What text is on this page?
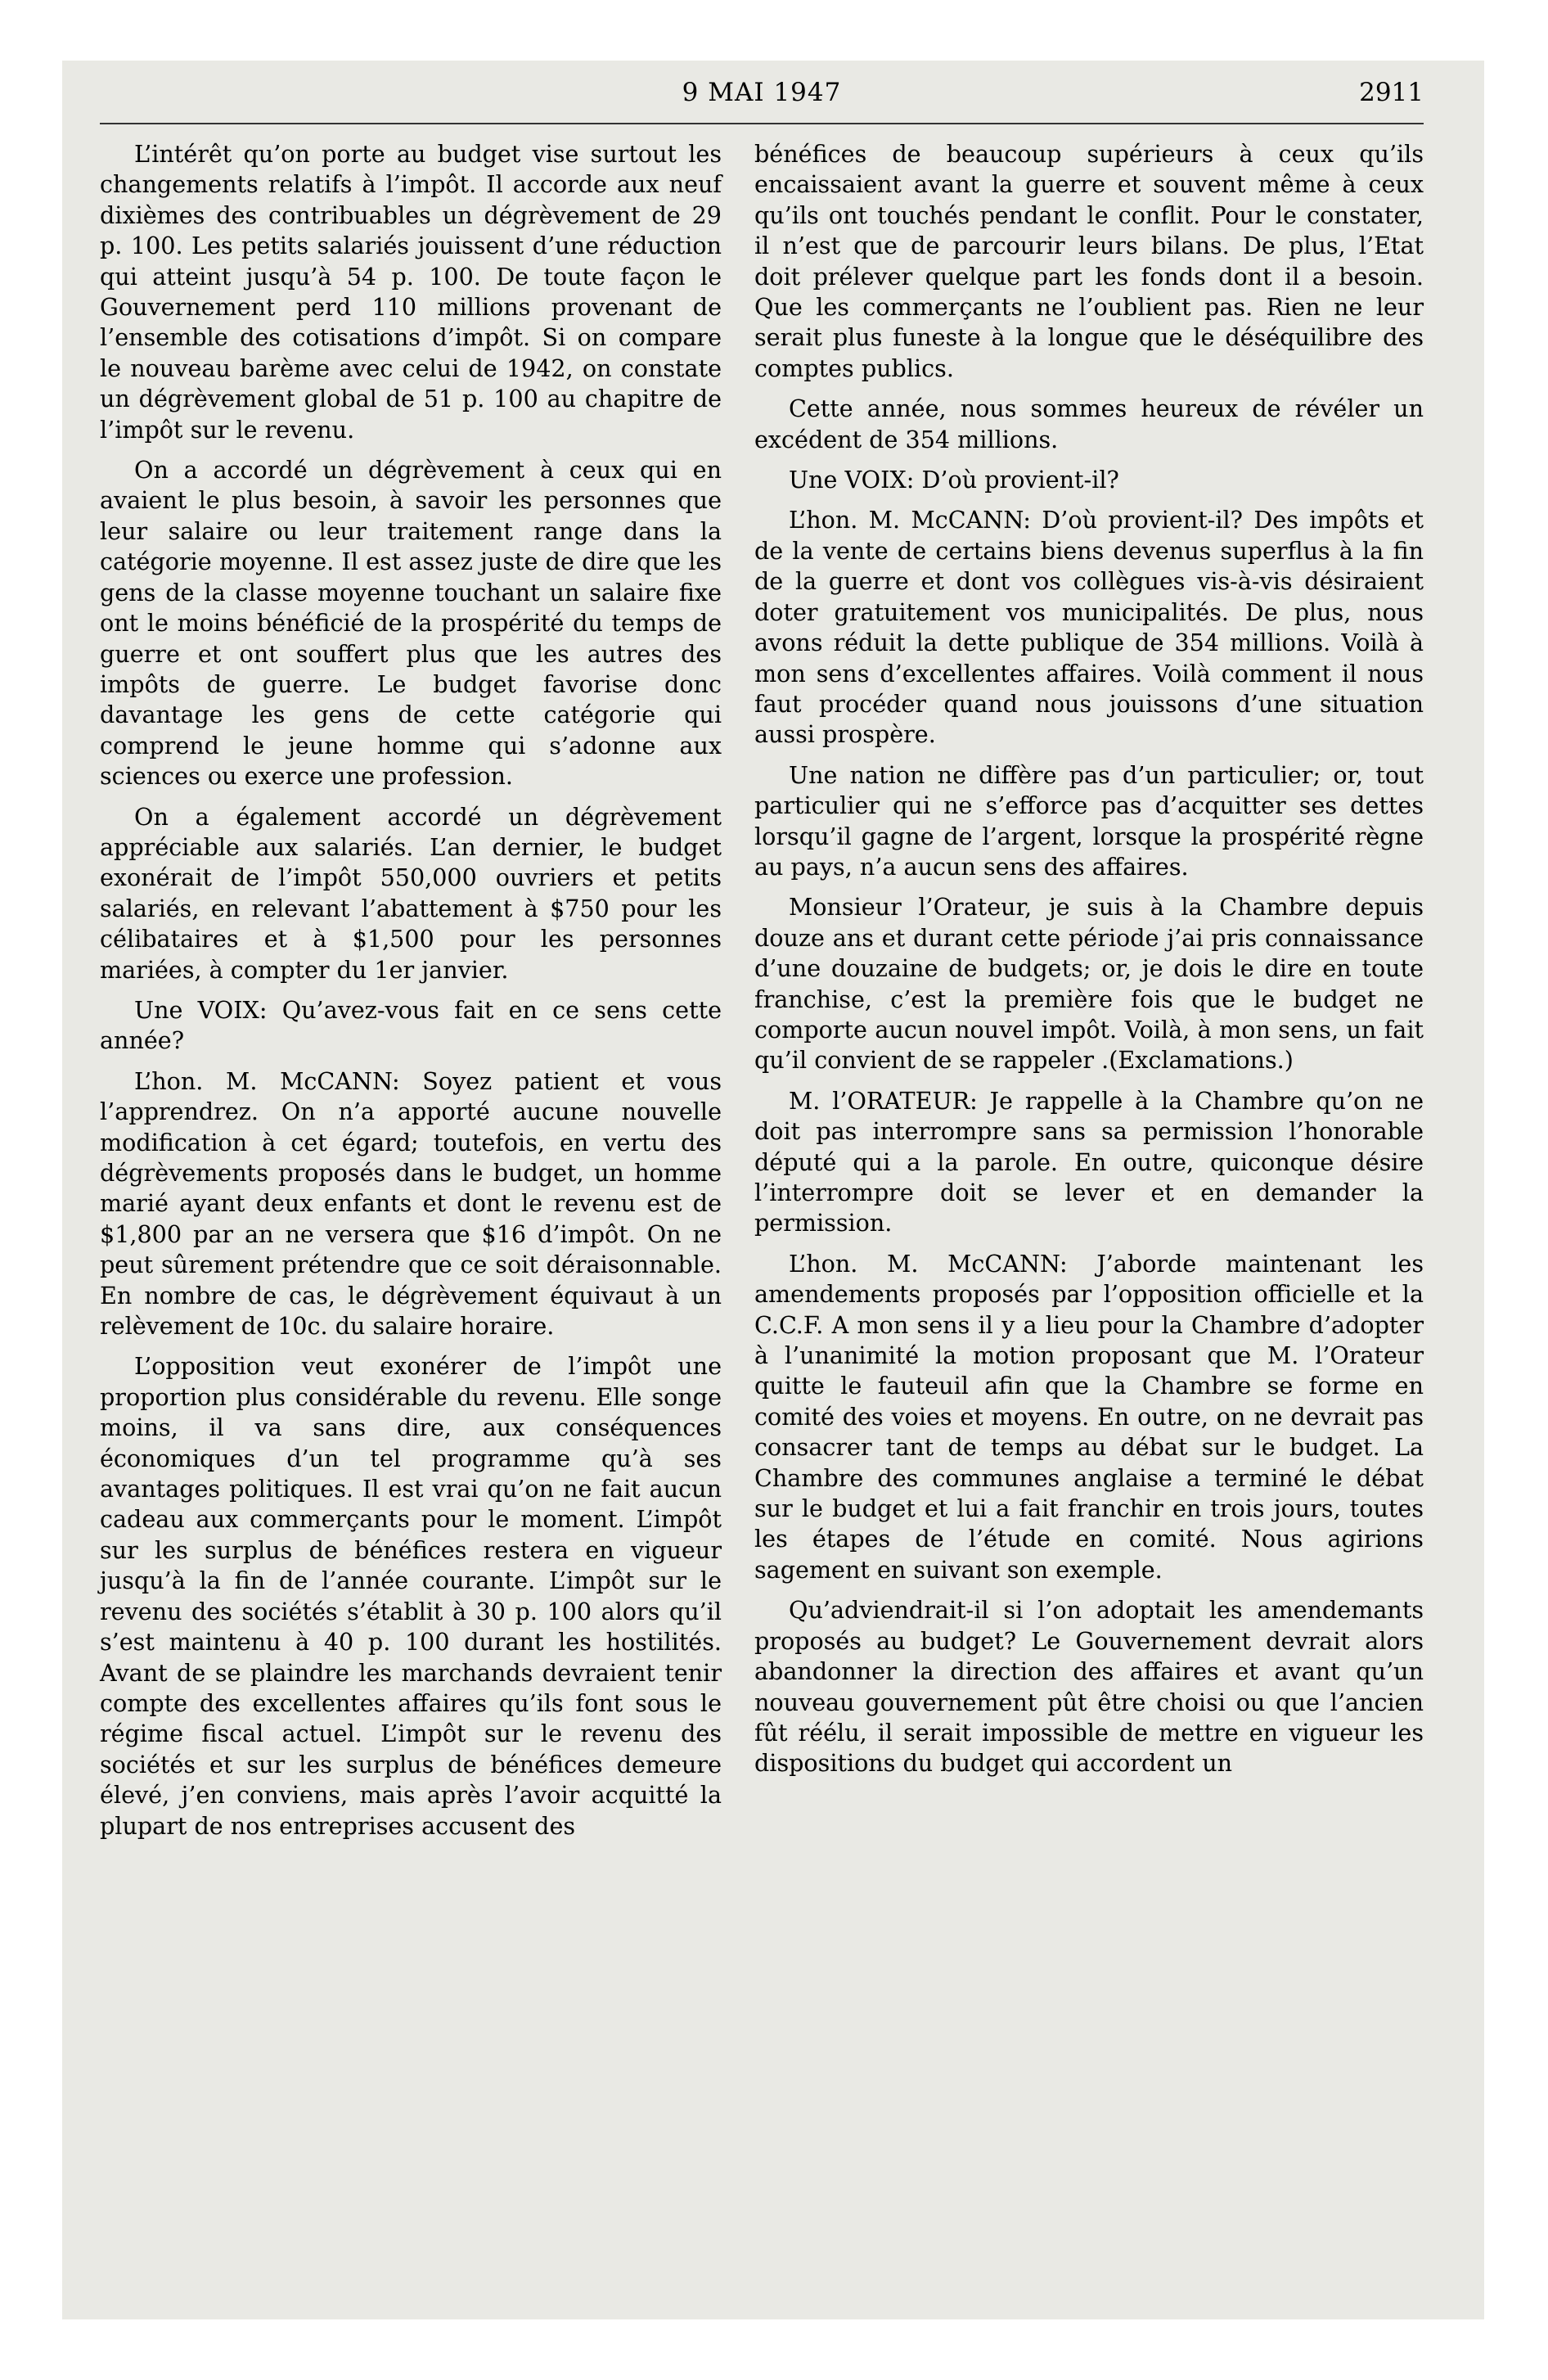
9 MAI 1947	2911

L’intérêt qu’on porte au budget vise surtout les changements relatifs à l’impôt. Il accorde aux neuf dixièmes des contribuables un dégrèvement de 29 p. 100. Les petits salariés jouissent d’une réduction qui atteint jusqu’à 54 p. 100. De toute façon le Gouvernement perd 110 millions provenant de l’ensemble des cotisations d’impôt. Si on compare le nouveau barème avec celui de 1942, on constate un dégrèvement global de 51 p. 100 au chapitre de l’impôt sur le revenu.

On a accordé un dégrèvement à ceux qui en avaient le plus besoin, à savoir les personnes que leur salaire ou leur traitement range dans la catégorie moyenne. Il est assez juste de dire que les gens de la classe moyenne touchant un salaire fixe ont le moins bénéficié de la prospérité du temps de guerre et ont souffert plus que les autres des impôts de guerre. Le budget favorise donc davantage les gens de cette catégorie qui comprend le jeune homme qui s’adonne aux sciences ou exerce une profession.

On a également accordé un dégrèvement appréciable aux salariés. L’an dernier, le budget exonérait de l’impôt 550,000 ouvriers et petits salariés, en relevant l’abattement à $750 pour les célibataires et à $1,500 pour les personnes mariées, à compter du 1er janvier.

Une VOIX: Qu’avez-vous fait en ce sens cette année?

L’hon. M. McCANN: Soyez patient et vous l’apprendrez. On n’a apporté aucune nouvelle modification à cet égard; toutefois, en vertu des dégrèvements proposés dans le budget, un homme marié ayant deux enfants et dont le revenu est de $1,800 par an ne versera que $16 d’impôt. On ne peut sûrement prétendre que ce soit déraisonnable. En nombre de cas, le dégrèvement équivaut à un relèvement de 10c. du salaire horaire.

L’opposition veut exonérer de l’impôt une proportion plus considérable du revenu. Elle songe moins, il va sans dire, aux conséquences économiques d’un tel programme qu’à ses avantages politiques. Il est vrai qu’on ne fait aucun cadeau aux commerçants pour le moment. L’impôt sur les surplus de bénéfices restera en vigueur jusqu’à la fin de l’année courante. L’impôt sur le revenu des sociétés s’établit à 30 p. 100 alors qu’il s’est maintenu à 40 p. 100 durant les hostilités. Avant de se plaindre les marchands devraient tenir compte des excellentes affaires qu’ils font sous le régime fiscal actuel. L’impôt sur le revenu des sociétés et sur les surplus de bénéfices demeure élevé, j’en conviens, mais après l’avoir acquitté la plupart de nos entreprises accusent des

bénéfices de beaucoup supérieurs à ceux qu’ils encaissaient avant la guerre et souvent même à ceux qu’ils ont touchés pendant le conflit. Pour le constater, il n’est que de parcourir leurs bilans. De plus, l’Etat doit prélever quelque part les fonds dont il a besoin. Que les commerçants ne l’oublient pas. Rien ne leur serait plus funeste à la longue que le déséquilibre des comptes publics.

Cette année, nous sommes heureux de révéler un excédent de 354 millions.

Une VOIX: D’où provient-il?

L’hon. M. McCANN: D’où provient-il? Des impôts et de la vente de certains biens devenus superflus à la fin de la guerre et dont vos collègues vis-à-vis désiraient doter gratuitement vos municipalités. De plus, nous avons réduit la dette publique de 354 millions. Voilà à mon sens d’excellentes affaires. Voilà comment il nous faut procéder quand nous jouissons d’une situation aussi prospère.

Une nation ne diffère pas d’un particulier; or, tout particulier qui ne s’efforce pas d’acquitter ses dettes lorsqu’il gagne de l’argent, lorsque la prospérité règne au pays, n’a aucun sens des affaires.

Monsieur l’Orateur, je suis à la Chambre depuis douze ans et durant cette période j’ai pris connaissance d’une douzaine de budgets; or, je dois le dire en toute franchise, c’est la première fois que le budget ne comporte aucun nouvel impôt. Voilà, à mon sens, un fait qu’il convient de se rappeler .(Exclamations.)

M. l’ORATEUR: Je rappelle à la Chambre qu’on ne doit pas interrompre sans sa permission l’honorable député qui a la parole. En outre, quiconque désire l’interrompre doit se lever et en demander la permission.

L’hon. M. McCANN: J’aborde maintenant les amendements proposés par l’opposition officielle et la C.C.F. A mon sens il y a lieu pour la Chambre d’adopter à l’unanimité la motion proposant que M. l’Orateur quitte le fauteuil afin que la Chambre se forme en comité des voies et moyens. En outre, on ne devrait pas consacrer tant de temps au débat sur le budget. La Chambre des communes anglaise a terminé le débat sur le budget et lui a fait franchir en trois jours, toutes les étapes de l’étude en comité. Nous agirions sagement en suivant son exemple.

Qu’adviendrait-il si l’on adoptait les amendemants proposés au budget? Le Gouvernement devrait alors abandonner la direction des affaires et avant qu’un nouveau gouvernement pût être choisi ou que l’ancien fût réélu, il serait impossible de mettre en vigueur les dispositions du budget qui accordent un
